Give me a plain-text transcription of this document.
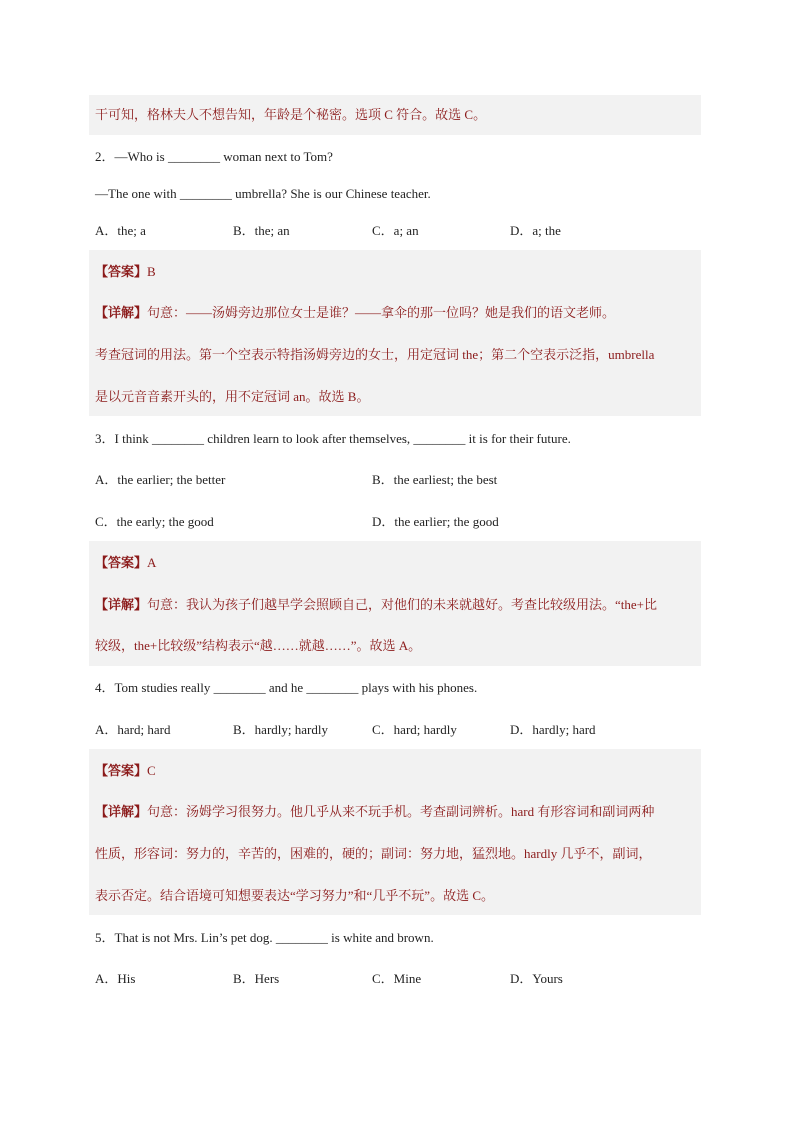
干可知，格林夫人不想告知，年龄是个秘密。选项 C 符合。故选 C。
2．—Who is ________ woman next to Tom?
—The one with ________ umbrella? She is our Chinese teacher.
A．the; a	B．the; an	C．a; an	D．a; the
【答案】B
【详解】句意：——汤姆旁边那位女士是谁？——拿伞的那一位吗？她是我们的语文老师。
考查冠词的用法。第一个空表示特指汤姆旁边的女士，用定冠词 the；第二个空表示泛指，umbrella
是以元音音素开头的，用不定冠词 an。故选 B。
3．I think ________ children learn to look after themselves, ________ it is for their future.
A．the earlier; the better	B．the earliest; the best
C．the early; the good	D．the earlier; the good
【答案】A
【详解】句意：我认为孩子们越早学会照顾自己，对他们的未来就越好。考查比较级用法。“the+比
较级，the+比较级”结构表示“越……就越……”。故选 A。
4．Tom studies really ________ and he ________ plays with his phones.
A．hard; hard	B．hardly; hardly	C．hard; hardly	D．hardly; hard
【答案】C
【详解】句意：汤姆学习很努力。他几乎从来不玩手机。考查副词辨析。hard 有形容词和副词两种
性质，形容词：努力的，辛苦的，困难的，硬的；副词：努力地，猛烈地。hardly 几乎不，副词，
表示否定。结合语境可知想要表达“学习努力”和“几乎不玩”。故选 C。
5．That is not Mrs. Lin’s pet dog. ________ is white and brown.
A．His	B．Hers	C．Mine	D．Yours
